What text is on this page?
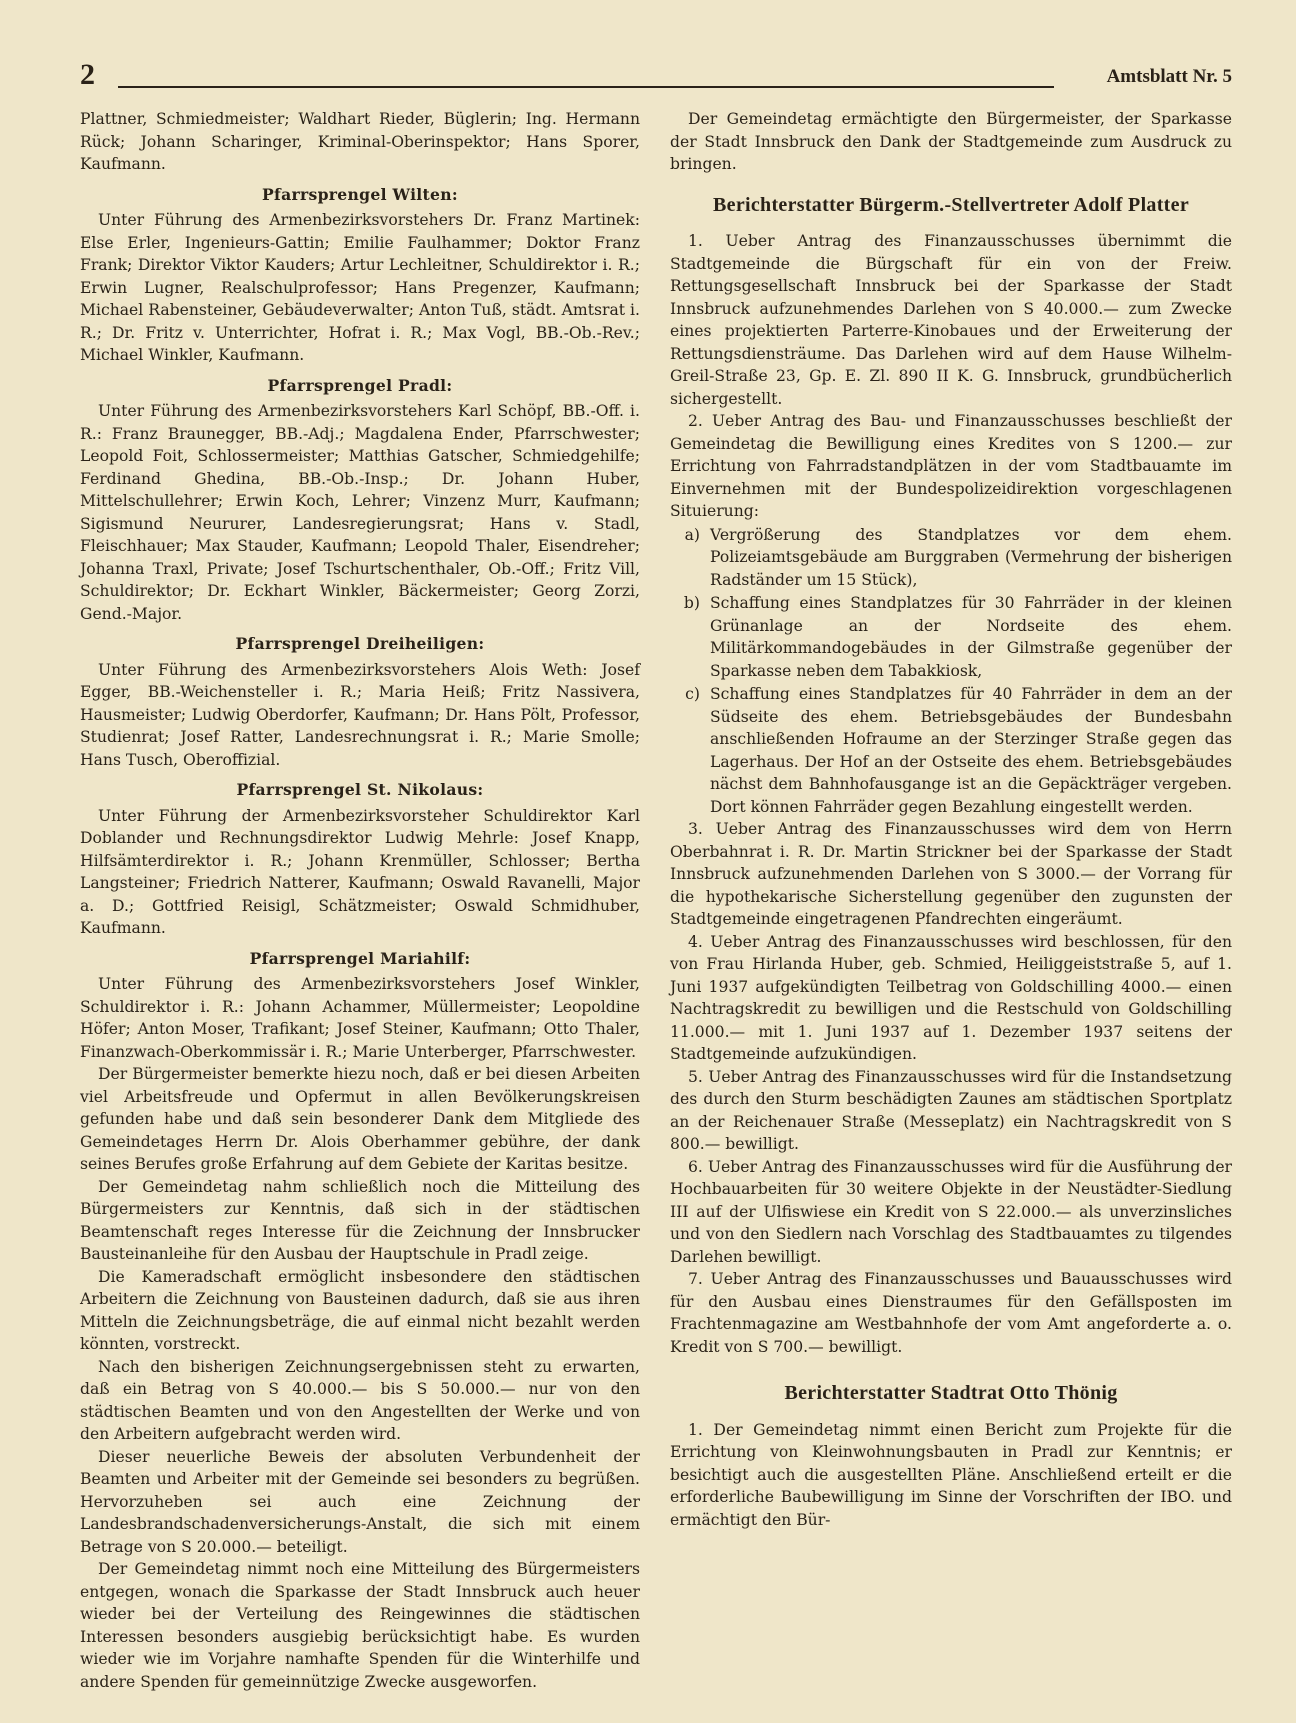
2	Amtsblatt Nr. 5

Plattner, Schmiedmeister; Waldhart Rieder, Büglerin; Ing. Hermann Rück; Johann Scharinger, Kriminal-Oberinspektor; Hans Sporer, Kaufmann.

Pfarrsprengel Wilten:

Unter Führung des Armenbezirksvorstehers Dr. Franz Martinek: Else Erler, Ingenieurs-Gattin; Emilie Faulhammer; Doktor Franz Frank; Direktor Viktor Kauders; Artur Lechleitner, Schuldirektor i. R.; Erwin Lugner, Realschulprofessor; Hans Pregenzer, Kaufmann; Michael Rabensteiner, Gebäudeverwalter; Anton Tuß, städt. Amtsrat i. R.; Dr. Fritz v. Unterrichter, Hofrat i. R.; Max Vogl, BB.-Ob.-Rev.; Michael Winkler, Kaufmann.

Pfarrsprengel Pradl:

Unter Führung des Armenbezirksvorstehers Karl Schöpf, BB.-Off. i. R.: Franz Braunegger, BB.-Adj.; Magdalena Ender, Pfarrschwester; Leopold Foit, Schlossermeister; Matthias Gatscher, Schmiedgehilfe; Ferdinand Ghedina, BB.-Ob.-Insp.; Dr. Johann Huber, Mittelschullehrer; Erwin Koch, Lehrer; Vinzenz Murr, Kaufmann; Sigismund Neururer, Landesregierungsrat; Hans v. Stadl, Fleischhauer; Max Stauder, Kaufmann; Leopold Thaler, Eisendreher; Johanna Traxl, Private; Josef Tschurtschenthaler, Ob.-Off.; Fritz Vill, Schuldirektor; Dr. Eckhart Winkler, Bäckermeister; Georg Zorzi, Gend.-Major.

Pfarrsprengel Dreiheiligen:

Unter Führung des Armenbezirksvorstehers Alois Weth: Josef Egger, BB.-Weichensteller i. R.; Maria Heiß; Fritz Nassivera, Hausmeister; Ludwig Oberdorfer, Kaufmann; Dr. Hans Pölt, Professor, Studienrat; Josef Ratter, Landesrechnungsrat i. R.; Marie Smolle; Hans Tusch, Oberoffizial.

Pfarrsprengel St. Nikolaus:

Unter Führung der Armenbezirksvorsteher Schuldirektor Karl Doblander und Rechnungsdirektor Ludwig Mehrle: Josef Knapp, Hilfsämterdirektor i. R.; Johann Krenmüller, Schlosser; Bertha Langsteiner; Friedrich Natterer, Kaufmann; Oswald Ravanelli, Major a. D.; Gottfried Reisigl, Schätzmeister; Oswald Schmidhuber, Kaufmann.

Pfarrsprengel Mariahilf:

Unter Führung des Armenbezirksvorstehers Josef Winkler, Schuldirektor i. R.: Johann Achammer, Müllermeister; Leopoldine Höfer; Anton Moser, Trafikant; Josef Steiner, Kaufmann; Otto Thaler, Finanzwach-Oberkommissär i. R.; Marie Unterberger, Pfarrschwester.

Der Bürgermeister bemerkte hiezu noch, daß er bei diesen Arbeiten viel Arbeitsfreude und Opfermut in allen Bevölkerungskreisen gefunden habe und daß sein besonderer Dank dem Mitgliede des Gemeindetages Herrn Dr. Alois Oberhammer gebühre, der dank seines Berufes große Erfahrung auf dem Gebiete der Karitas besitze.

Der Gemeindetag nahm schließlich noch die Mitteilung des Bürgermeisters zur Kenntnis, daß sich in der städtischen Beamtenschaft reges Interesse für die Zeichnung der Innsbrucker Bausteinanleihe für den Ausbau der Hauptschule in Pradl zeige.

Die Kameradschaft ermöglicht insbesondere den städtischen Arbeitern die Zeichnung von Bausteinen dadurch, daß sie aus ihren Mitteln die Zeichnungsbeträge, die auf einmal nicht bezahlt werden könnten, vorstreckt.

Nach den bisherigen Zeichnungsergebnissen steht zu erwarten, daß ein Betrag von S 40.000.— bis S 50.000.— nur von den städtischen Beamten und von den Angestellten der Werke und von den Arbeitern aufgebracht werden wird.

Dieser neuerliche Beweis der absoluten Verbundenheit der Beamten und Arbeiter mit der Gemeinde sei besonders zu begrüßen. Hervorzuheben sei auch eine Zeichnung der Landesbrandschadenversicherungs-Anstalt, die sich mit einem Betrage von S 20.000.— beteiligt.

Der Gemeindetag nimmt noch eine Mitteilung des Bürgermeisters entgegen, wonach die Sparkasse der Stadt Innsbruck auch heuer wieder bei der Verteilung des Reingewinnes die städtischen Interessen besonders ausgiebig berücksichtigt habe. Es wurden wieder wie im Vorjahre namhafte Spenden für die Winterhilfe und andere Spenden für gemeinnützige Zwecke ausgeworfen.

Der Gemeindetag ermächtigte den Bürgermeister, der Sparkasse der Stadt Innsbruck den Dank der Stadtgemeinde zum Ausdruck zu bringen.

Berichterstatter Bürgerm.-Stellvertreter Adolf Platter

1. Ueber Antrag des Finanzausschusses übernimmt die Stadtgemeinde die Bürgschaft für ein von der Freiw. Rettungsgesellschaft Innsbruck bei der Sparkasse der Stadt Innsbruck aufzunehmendes Darlehen von S 40.000.— zum Zwecke eines projektierten Parterre-Kinobaues und der Erweiterung der Rettungsdiensträume. Das Darlehen wird auf dem Hause Wilhelm-Greil-Straße 23, Gp. E. Zl. 890 II K. G. Innsbruck, grundbücherlich sichergestellt.

2. Ueber Antrag des Bau- und Finanzausschusses beschließt der Gemeindetag die Bewilligung eines Kredites von S 1200.— zur Errichtung von Fahrradstandplätzen in der vom Stadtbauamte im Einvernehmen mit der Bundespolizeidirektion vorgeschlagenen Situierung:

a) Vergrößerung des Standplatzes vor dem ehem. Polizeiamtsgebäude am Burggraben (Vermehrung der bisherigen Radständer um 15 Stück),
b) Schaffung eines Standplatzes für 30 Fahrräder in der kleinen Grünanlage an der Nordseite des ehem. Militärkommandogebäudes in der Gilmstraße gegenüber der Sparkasse neben dem Tabakkiosk,
c) Schaffung eines Standplatzes für 40 Fahrräder in dem an der Südseite des ehem. Betriebsgebäudes der Bundesbahn anschließenden Hofraume an der Sterzinger Straße gegen das Lagerhaus. Der Hof an der Ostseite des ehem. Betriebsgebäudes nächst dem Bahnhofausgange ist an die Gepäckträger vergeben. Dort können Fahrräder gegen Bezahlung eingestellt werden.

3. Ueber Antrag des Finanzausschusses wird dem von Herrn Oberbahnrat i. R. Dr. Martin Strickner bei der Sparkasse der Stadt Innsbruck aufzunehmenden Darlehen von S 3000.— der Vorrang für die hypothekarische Sicherstellung gegenüber den zugunsten der Stadtgemeinde eingetragenen Pfandrechten eingeräumt.

4. Ueber Antrag des Finanzausschusses wird beschlossen, für den von Frau Hirlanda Huber, geb. Schmied, Heiliggeiststraße 5, auf 1. Juni 1937 aufgekündigten Teilbetrag von Goldschilling 4000.— einen Nachtragskredit zu bewilligen und die Restschuld von Goldschilling 11.000.— mit 1. Juni 1937 auf 1. Dezember 1937 seitens der Stadtgemeinde aufzukündigen.

5. Ueber Antrag des Finanzausschusses wird für die Instandsetzung des durch den Sturm beschädigten Zaunes am städtischen Sportplatz an der Reichenauer Straße (Messeplatz) ein Nachtragskredit von S 800.— bewilligt.

6. Ueber Antrag des Finanzausschusses wird für die Ausführung der Hochbauarbeiten für 30 weitere Objekte in der Neustädter-Siedlung III auf der Ulfiswiese ein Kredit von S 22.000.— als unverzinsliches und von den Siedlern nach Vorschlag des Stadtbauamtes zu tilgendes Darlehen bewilligt.

7. Ueber Antrag des Finanzausschusses und Bauausschusses wird für den Ausbau eines Dienstraumes für den Gefällsposten im Frachtenmagazine am Westbahnhofe der vom Amt angeforderte a. o. Kredit von S 700.— bewilligt.

Berichterstatter Stadtrat Otto Thönig

1. Der Gemeindetag nimmt einen Bericht zum Projekte für die Errichtung von Kleinwohnungsbauten in Pradl zur Kenntnis; er besichtigt auch die ausgestellten Pläne. Anschließend erteilt er die erforderliche Baubewilligung im Sinne der Vorschriften der IBO. und ermächtigt den Bür-
